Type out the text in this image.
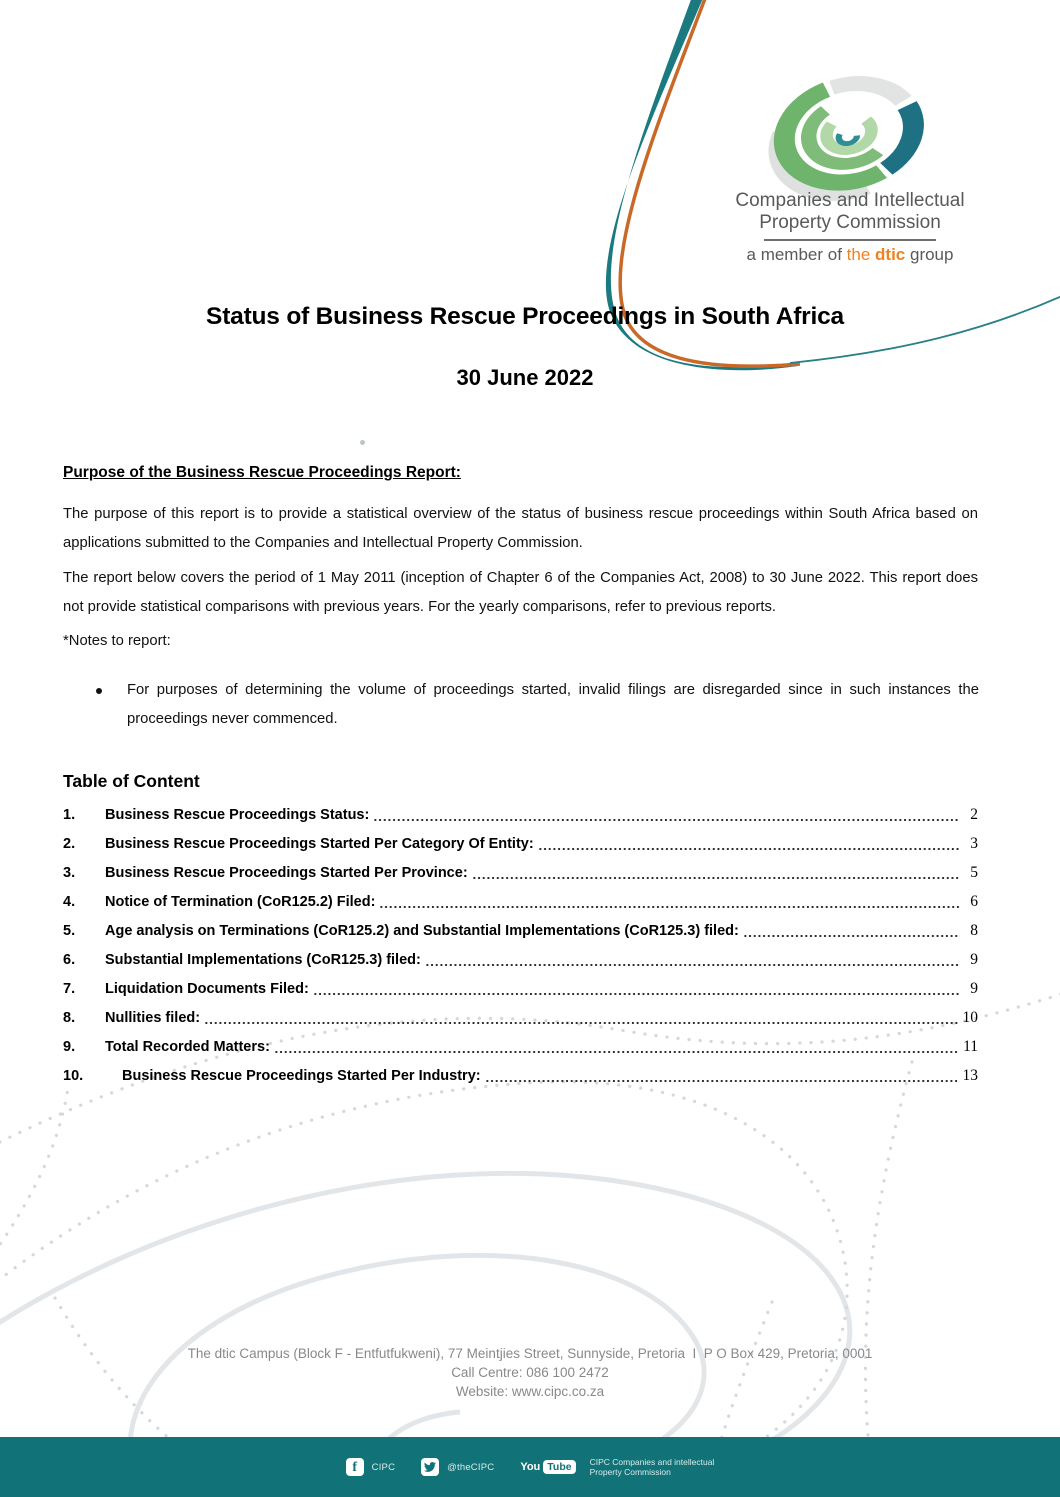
Companies and Intellectual
Property Commission
a member of the dtic group
Status of Business Rescue Proceedings in South Africa
30 June 2022
Purpose of the Business Rescue Proceedings Report:
The purpose of this report is to provide a statistical overview of the status of business rescue proceedings within South Africa based on applications submitted to the Companies and Intellectual Property Commission.
The report below covers the period of 1 May 2011 (inception of Chapter 6 of the Companies Act, 2008) to 30 June 2022. This report does not provide statistical comparisons with previous years. For the yearly comparisons, refer to previous reports.
*Notes to report:
For purposes of determining the volume of proceedings started, invalid filings are disregarded since in such instances the proceedings never commenced.
Table of Content
1.	Business Rescue Proceedings Status:	2
2.	Business Rescue Proceedings Started Per Category Of Entity:	3
3.	Business Rescue Proceedings Started Per Province:	5
4.	Notice of Termination (CoR125.2) Filed:	6
5.	Age analysis on Terminations (CoR125.2) and Substantial Implementations (CoR125.3) filed:	8
6.	Substantial Implementations (CoR125.3) filed:	9
7.	Liquidation Documents Filed:	9
8.	Nullities filed:	10
9.	Total Recorded Matters:	11
10.	Business Rescue Proceedings Started Per Industry:	13
The dtic Campus (Block F - Entfutfukweni), 77 Meintjies Street, Sunnyside, Pretoria  I  P O Box 429, Pretoria, 0001
Call Centre: 086 100 2472
Website: www.cipc.co.za
f CIPC	@theCIPC You Tube	CIPC Companies and intellectual
Property Commission
